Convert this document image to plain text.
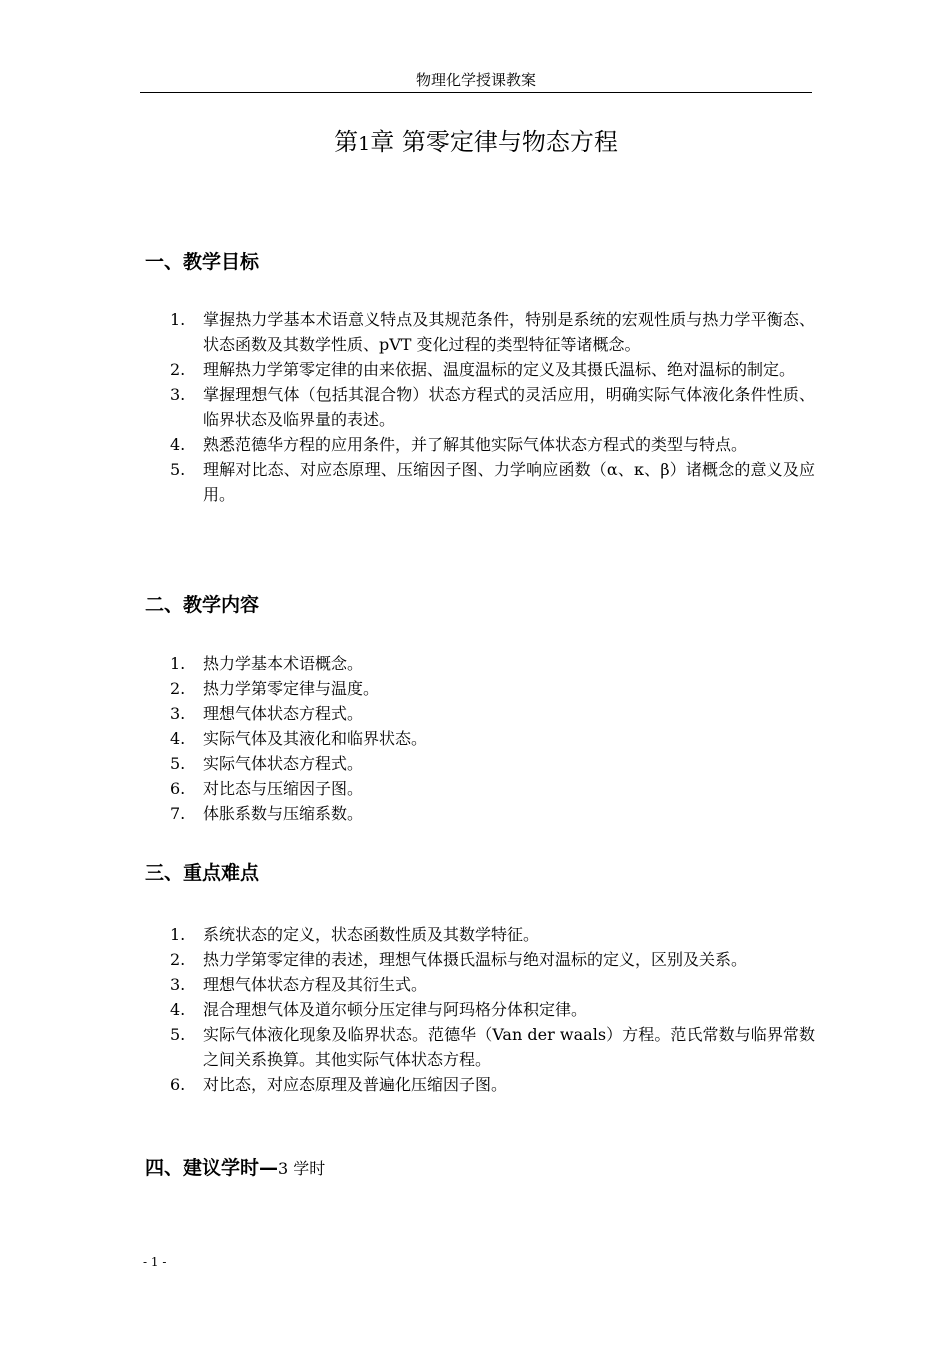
物理化学授课教案
第1章 第零定律与物态方程
一、教学目标
1. 掌握热力学基本术语意义特点及其规范条件，特别是系统的宏观性质与热力学平衡态、状态函数及其数学性质、pVT 变化过程的类型特征等诸概念。
2. 理解热力学第零定律的由来依据、温度温标的定义及其摄氏温标、绝对温标的制定。
3. 掌握理想气体（包括其混合物）状态方程式的灵活应用，明确实际气体液化条件性质、临界状态及临界量的表述。
4. 熟悉范德华方程的应用条件，并了解其他实际气体状态方程式的类型与特点。
5. 理解对比态、对应态原理、压缩因子图、力学响应函数（α、κ、β）诸概念的意义及应用。
二、教学内容
1. 热力学基本术语概念。
2. 热力学第零定律与温度。
3. 理想气体状态方程式。
4. 实际气体及其液化和临界状态。
5. 实际气体状态方程式。
6. 对比态与压缩因子图。
7. 体胀系数与压缩系数。
三、重点难点
1. 系统状态的定义，状态函数性质及其数学特征。
2. 热力学第零定律的表述，理想气体摄氏温标与绝对温标的定义，区别及关系。
3. 理想气体状态方程及其衍生式。
4. 混合理想气体及道尔顿分压定律与阿玛格分体积定律。
5. 实际气体液化现象及临界状态。范德华（Van der waals）方程。范氏常数与临界常数之间关系换算。其他实际气体状态方程。
6. 对比态，对应态原理及普遍化压缩因子图。
四、建议学时—3 学时
- 1 -
